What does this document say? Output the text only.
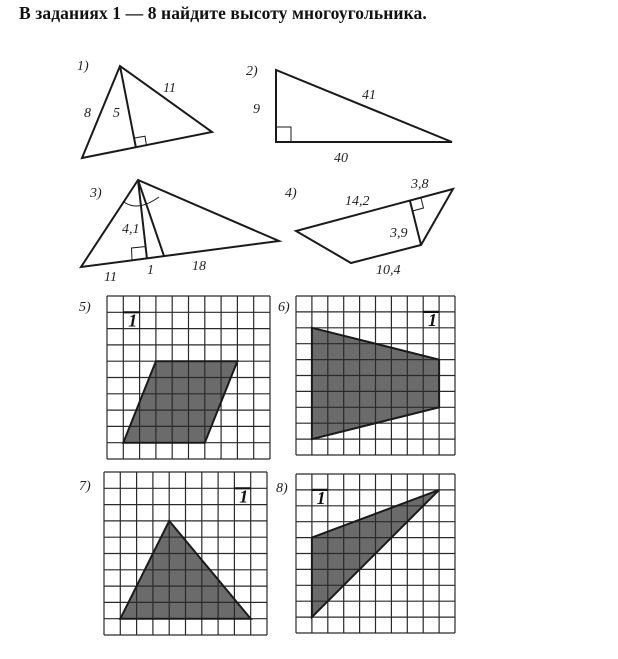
В заданиях 1 — 8 найдите высоту многоугольника.
1)
8 5
11
2)
9
41
40
3)
4,1
11 1	18
4)
14,2
3,8
3,9
10,4
5)
1
6)
1
7)
1 8) 1
